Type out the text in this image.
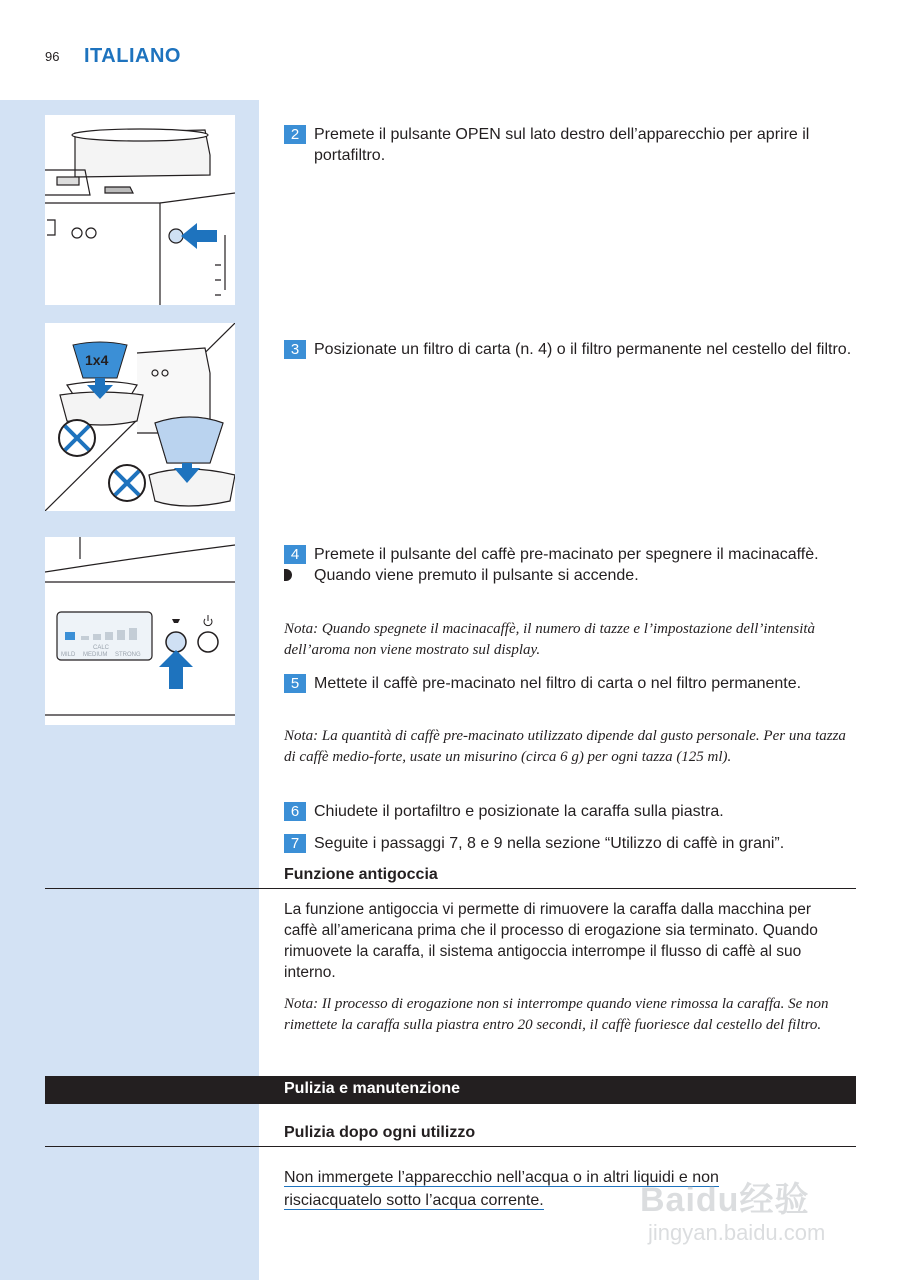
96 ITALIANO
1x4
CALC
MILD MEDIUM STRONG
2 Premete il pulsante OPEN sul lato destro dell’apparecchio per aprire il portafiltro.
3 Posizionate un filtro di carta (n. 4) o il filtro permanente nel cestello del filtro.
4 Premete il pulsante del caffè pre-macinato per spegnere il macinacaffè.
Quando viene premuto il pulsante si accende.
Nota: Quando spegnete il macinacaffè, il numero di tazze e l’impostazione dell’intensità dell’aroma non viene mostrato sul display.
5 Mettete il caffè pre-macinato nel filtro di carta o nel filtro permanente.
Nota: La quantità di caffè pre-macinato utilizzato dipende dal gusto personale. Per una tazza di caffè medio-forte, usate un misurino (circa 6 g) per ogni tazza (125 ml).
6 Chiudete il portafiltro e posizionate la caraffa sulla piastra.
7 Seguite i passaggi 7, 8 e 9 nella sezione “Utilizzo di caffè in grani”.
Funzione antigoccia
La funzione antigoccia vi permette di rimuovere la caraffa dalla macchina per caffè all’americana prima che il processo di erogazione sia terminato. Quando rimuovete la caraffa, il sistema antigoccia interrompe il flusso di caffè al suo interno.
Nota: Il processo di erogazione non si interrompe quando viene rimossa la caraffa. Se non rimettete la caraffa sulla piastra entro 20 secondi, il caffè fuoriesce dal cestello del filtro.
Pulizia e manutenzione
Pulizia dopo ogni utilizzo
Non immergete l’apparecchio nell’acqua o in altri liquidi e non
risciacquatelo sotto l’acqua corrente.	Baidu经验
jingyan.baidu.com
